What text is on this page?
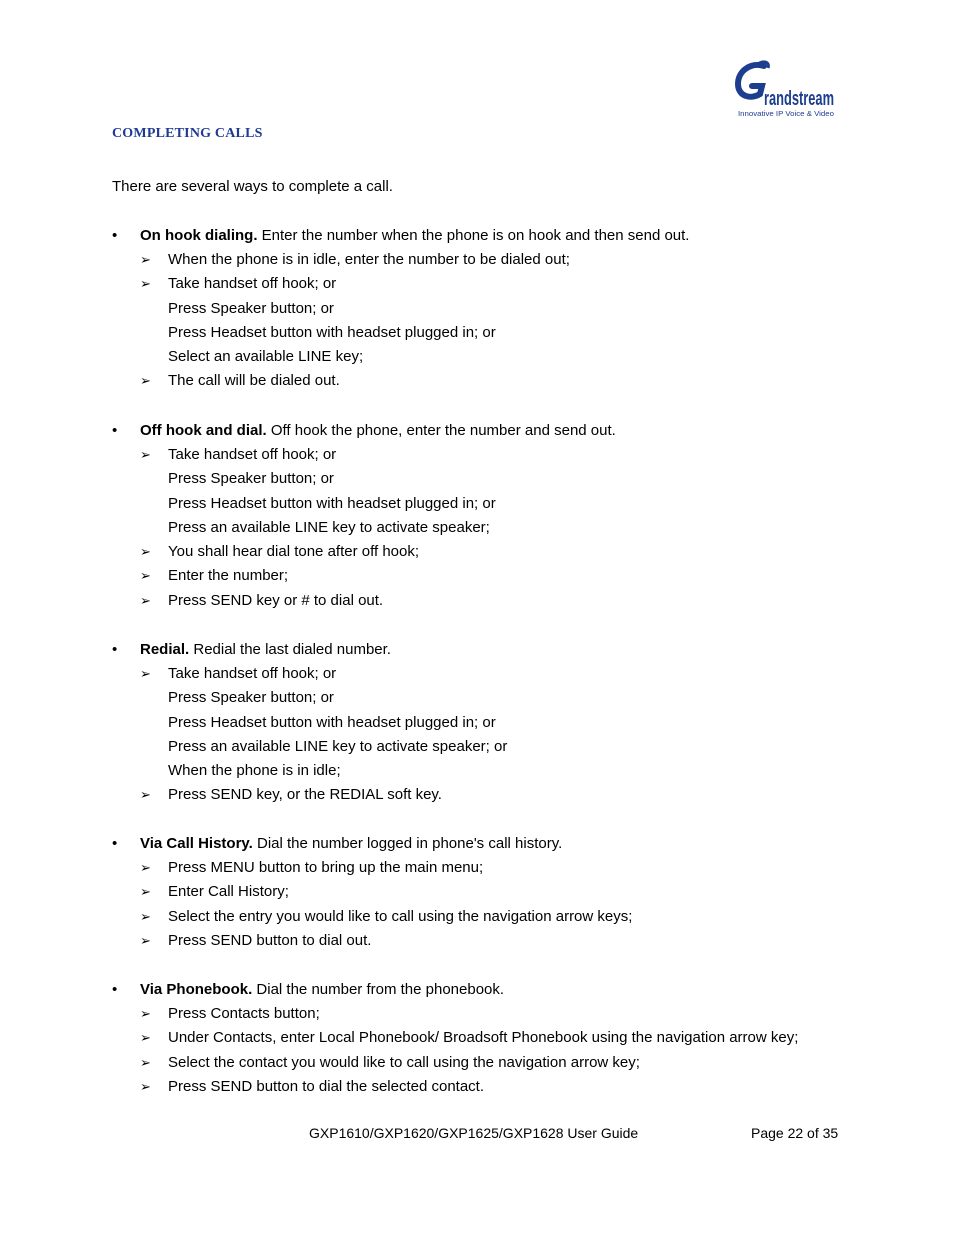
randstream
Innovative IP Voice & Video
COMPLETING CALLS
There are several ways to complete a call.
• On hook dialing. Enter the number when the phone is on hook and then send out.
➢ When the phone is in idle, enter the number to be dialed out;
➢ Take handset off hook; or
Press Speaker button; or
Press Headset button with headset plugged in; or
Select an available LINE key;
➢ The call will be dialed out.
• Off hook and dial. Off hook the phone, enter the number and send out.
➢ Take handset off hook; or
Press Speaker button; or
Press Headset button with headset plugged in; or
Press an available LINE key to activate speaker;
➢ You shall hear dial tone after off hook;
➢ Enter the number;
➢ Press SEND key or # to dial out.
• Redial. Redial the last dialed number.
➢ Take handset off hook; or
Press Speaker button; or
Press Headset button with headset plugged in; or
Press an available LINE key to activate speaker; or
When the phone is in idle;
➢ Press SEND key, or the REDIAL soft key.
• Via Call History. Dial the number logged in phone's call history.
➢ Press MENU button to bring up the main menu;
➢ Enter Call History;
➢ Select the entry you would like to call using the navigation arrow keys;
➢ Press SEND button to dial out.
• Via Phonebook. Dial the number from the phonebook.
➢ Press Contacts button;
➢ Under Contacts, enter Local Phonebook/ Broadsoft Phonebook using the navigation arrow key;
➢ Select the contact you would like to call using the navigation arrow key;
➢ Press SEND button to dial the selected contact.
GXP1610/GXP1620/GXP1625/GXP1628 User Guide	Page 22 of 35
